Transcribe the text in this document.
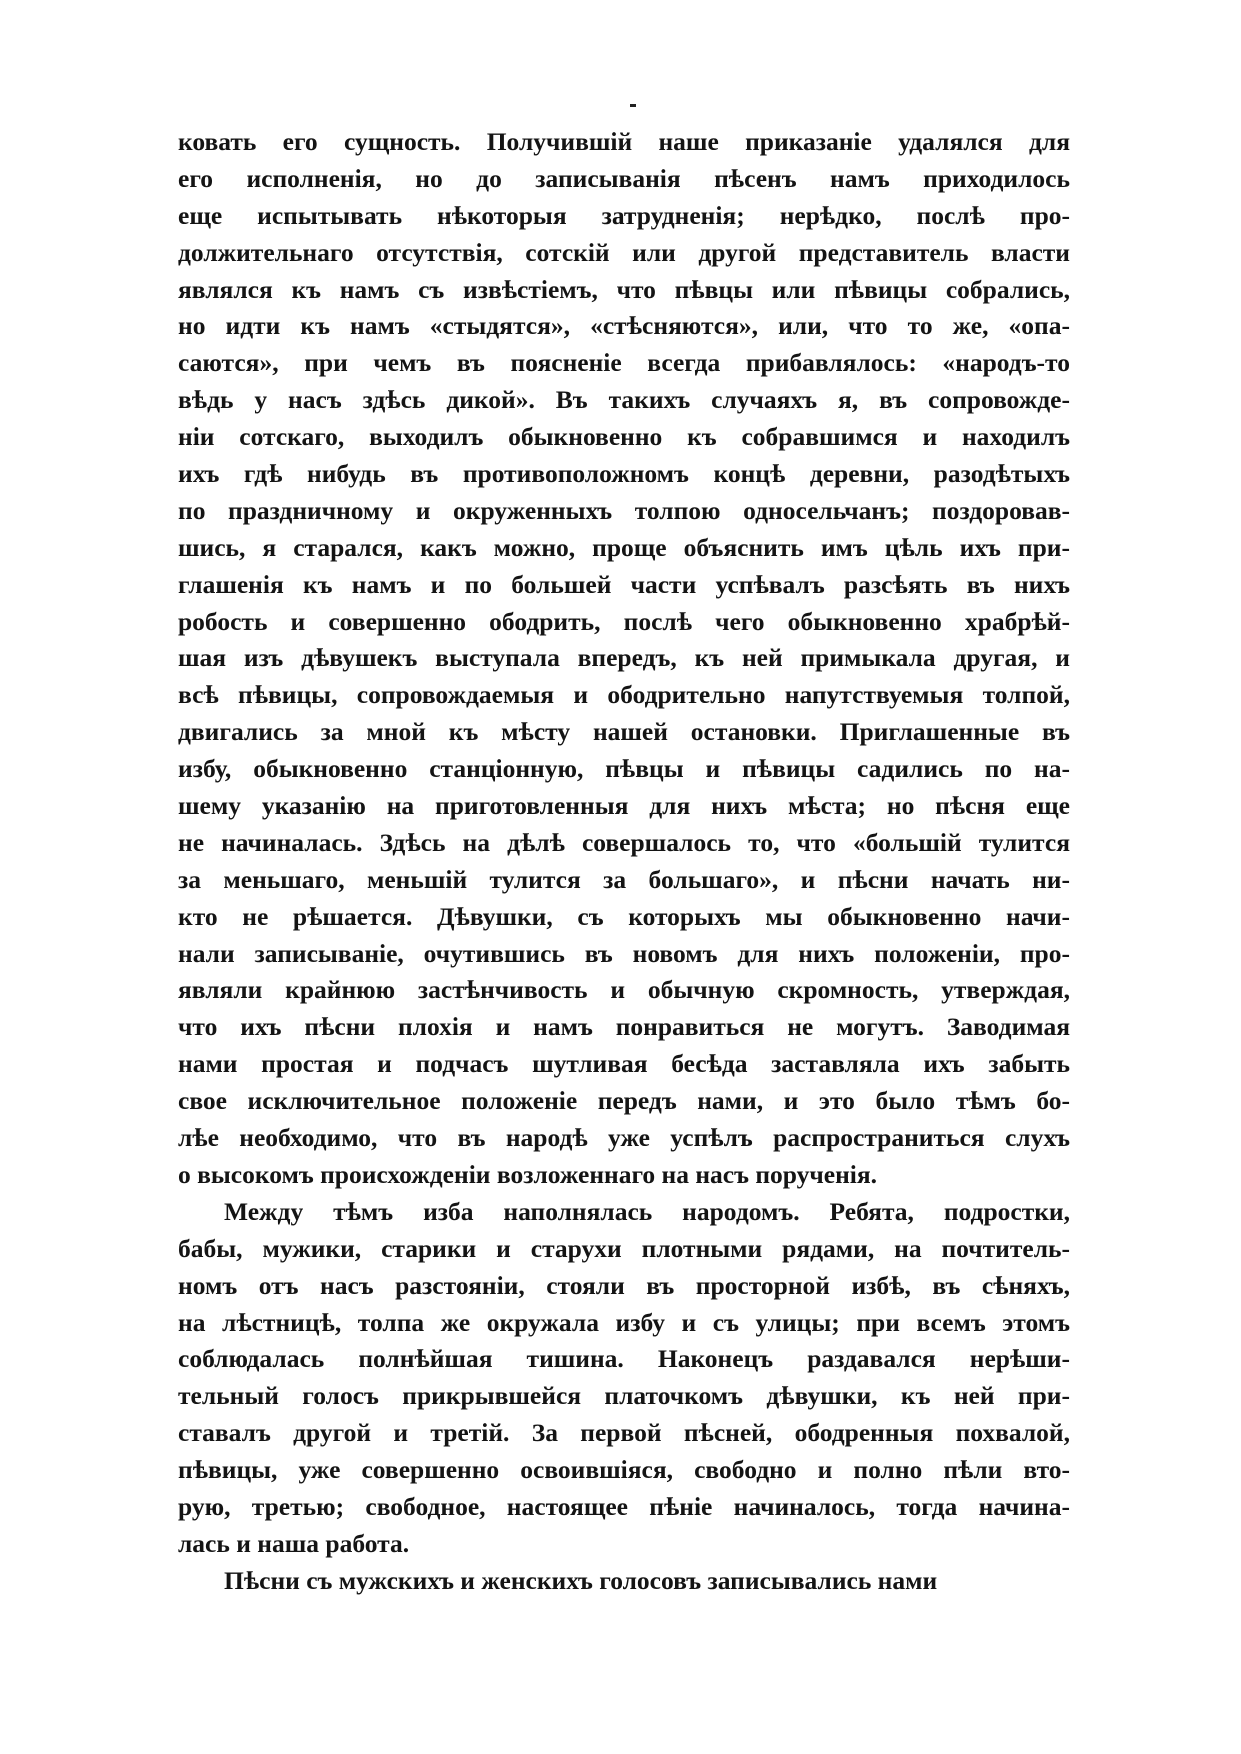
ковать его сущность. Получившій наше приказаніе удалялся для
его исполненія, но до записыванія пѣсенъ намъ приходилось
еще испытывать нѣкоторыя затрудненія; нерѣдко, послѣ про-
должительнаго отсутствія, сотскій или другой представитель власти
являлся къ намъ съ извѣстіемъ, что пѣвцы или пѣвицы собрались,
но идти къ намъ «стыдятся», «стѣсняются», или, что то же, «опа-
саются», при чемъ въ поясненіе всегда прибавлялось: «народъ-то
вѣдь у насъ здѣсь дикой». Въ такихъ случаяхъ я, въ сопровожде-
ніи сотскаго, выходилъ обыкновенно къ собравшимся и находилъ
ихъ гдѣ нибудь въ противоположномъ концѣ деревни, разодѣтыхъ
по праздничному и окруженныхъ толпою односельчанъ; поздоровав-
шись, я старался, какъ можно, проще объяснить имъ цѣль ихъ при-
глашенія къ намъ и по большей части успѣвалъ разсѣять въ нихъ
робость и совершенно ободрить, послѣ чего обыкновенно храбрѣй-
шая изъ дѣвушекъ выступала впередъ, къ ней примыкала другая, и
всѣ пѣвицы, сопровождаемыя и ободрительно напутствуемыя толпой,
двигались за мной къ мѣсту нашей остановки. Приглашенные въ
избу, обыкновенно станціонную, пѣвцы и пѣвицы садились по на-
шему указанію на приготовленныя для нихъ мѣста; но пѣсня еще
не начиналась. Здѣсь на дѣлѣ совершалось то, что «большій тулится
за меньшаго, меньшій тулится за большаго», и пѣсни начать ни-
кто не рѣшается. Дѣвушки, съ которыхъ мы обыкновенно начи-
нали записываніе, очутившись въ новомъ для нихъ положеніи, про-
являли крайнюю застѣнчивость и обычную скромность, утверждая,
что ихъ пѣсни плохія и намъ понравиться не могутъ. Заводимая
нами простая и подчасъ шутливая бесѣда заставляла ихъ забыть
свое исключительное положеніе передъ нами, и это было тѣмъ бо-
лѣе необходимо, что въ народѣ уже успѣлъ распространиться слухъ
о высокомъ происхожденіи возложеннаго на насъ порученія.
Между тѣмъ изба наполнялась народомъ. Ребята, подростки,
бабы, мужики, старики и старухи плотными рядами, на почтитель-
номъ отъ насъ разстояніи, стояли въ просторной избѣ, въ сѣняхъ,
на лѣстницѣ, толпа же окружала избу и съ улицы; при всемъ этомъ
соблюдалась полнѣйшая тишина. Наконецъ раздавался нерѣши-
тельный голосъ прикрывшейся платочкомъ дѣвушки, къ ней при-
ставалъ другой и третій. За первой пѣсней, ободренныя похвалой,
пѣвицы, уже совершенно освоившіяся, свободно и полно пѣли вто-
рую, третью; свободное, настоящее пѣніе начиналось, тогда начина-
лась и наша работа.
Пѣсни съ мужскихъ и женскихъ голосовъ записывались нами
